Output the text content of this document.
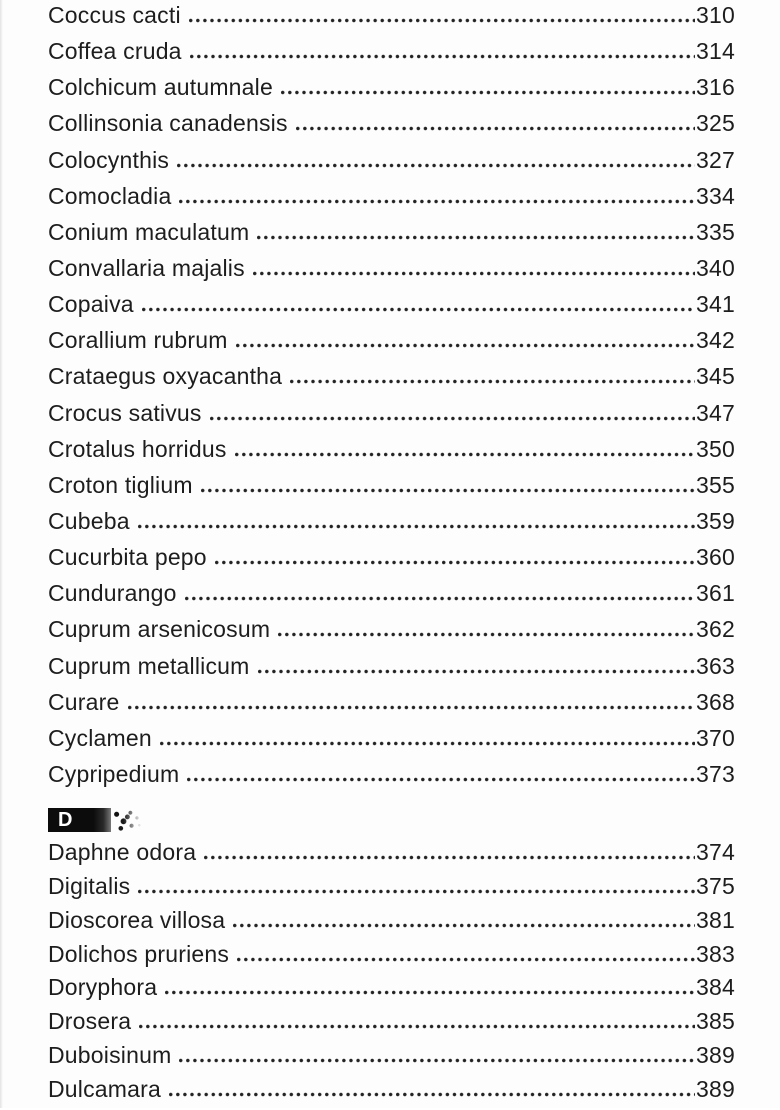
Coccus cacti	310
Coffea cruda	314
Colchicum autumnale	316
Collinsonia canadensis	325
Colocynthis	327
Comocladia	334
Conium maculatum	335
Convallaria majalis	340
Copaiva	341
Corallium rubrum	342
Crataegus oxyacantha	345
Crocus sativus	347
Crotalus horridus	350
Croton tiglium	355
Cubeba	359
Cucurbita pepo	360
Cundurango	361
Cuprum arsenicosum	362
Cuprum metallicum	363
Curare	368
Cyclamen	370
Cypripedium	373
D
Daphne odora	374
Digitalis	375
Dioscorea villosa	381
Dolichos pruriens	383
Doryphora	384
Drosera	385
Duboisinum	389
Dulcamara	389
